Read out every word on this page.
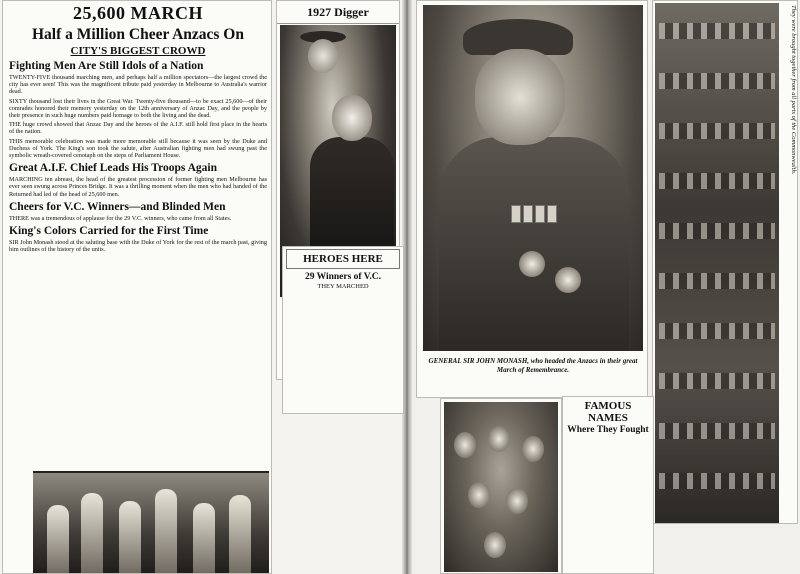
25,600 MARCH
Half a Million Cheer Anzacs On
CITY'S BIGGEST CROWD
Fighting Men Are Still Idols of a Nation

TWENTY-FIVE thousand marching men, and perhaps half a million spectators—the largest crowd the city has ever seen! This was the magnificent tribute paid yesterday in Melbourne to Australia's warrior dead.

SIXTY thousand lost their lives in the Great War. Twenty-five thousand—to be exact 25,600—of their comrades honored their memory yesterday on the 12th anniversary of Anzac Day, and the people by their presence in such huge numbers paid homage to both the living and the dead.

THE huge crowd showed that Anzac Day and the heroes of the A.I.F. still hold first place in the hearts of the nation.

THIS memorable celebration was made more memorable still because it was seen by the Duke and Duchess of York. The King's son took the salute, after Australian fighting men had swung past the symbolic wreath-covered cenotaph on the steps of Parliament House.

Great A.I.F. Chief Leads His Troops Again

MARCHING ten abreast, the head of the greatest procession of former fighting men Melbourne has ever seen swung across Princes Bridge. It was a thrilling moment when the men who had handed of the Returned had led of the head of 25,600 men.

Cheers for V.C. Winners—and Blinded Men

THERE was a tremendous of applause for the 29 V.C. winners, who came from all States.

King's Colors Carried for the First Time

SIR John Monash stood at the saluting base with the Duke of York for the rest of the march past, giving him outlines of the history of the units.

1927 Digger
HEROES HERE
29 Winners of V.C.
THEY MARCHED
GENERAL SIR JOHN MONASH, who headed the Anzacs in their great March of Remembrance.
They were brought together from all parts of the Commonwealth.
FAMOUS NAMES
Where They Fought
